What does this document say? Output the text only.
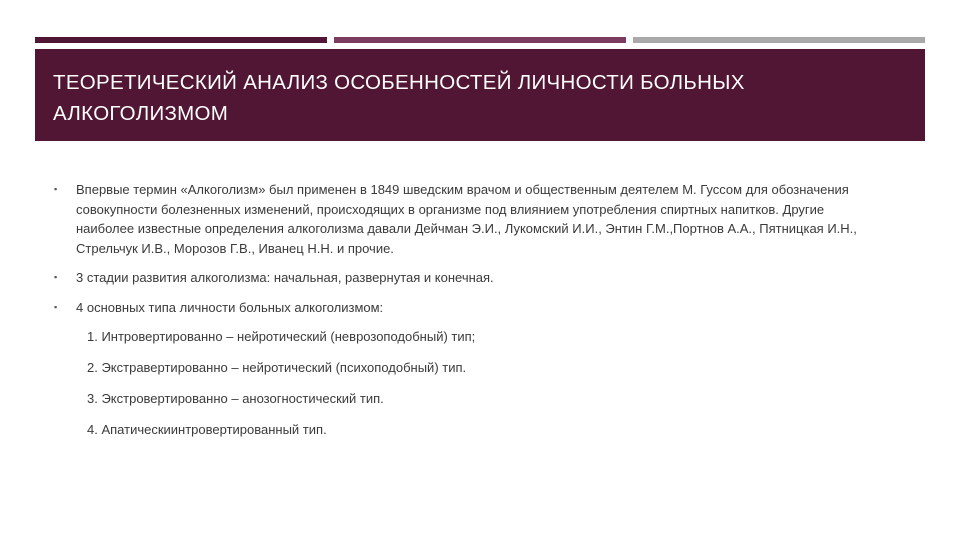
ТЕОРЕТИЧЕСКИЙ АНАЛИЗ ОСОБЕННОСТЕЙ ЛИЧНОСТИ БОЛЬНЫХ АЛКОГОЛИЗМОМ
▪ Впервые термин «Алкоголизм» был применен в 1849 шведским врачом и общественным деятелем М. Гуссом для обозначения совокупности болезненных изменений, происходящих в организме под влиянием употребления спиртных напитков. Другие наиболее известные определения алкоголизма давали Дейчман Э.И., Лукомский И.И., Энтин Г.М.,Портнов А.А., Пятницкая И.Н., Стрельчук И.В., Морозов Г.В., Иванец Н.Н. и прочие.
▪ 3 стадии развития алкоголизма: начальная, развернутая и конечная.
▪ 4 основных типа личности больных алкоголизмом:
1. Интровертированно – нейротический (неврозоподобный) тип;
2. Экстравертированно – нейротический (психоподобный) тип.
3. Экстровертированно – анозогностический тип.
4. Апатическиинтровертированный тип.
